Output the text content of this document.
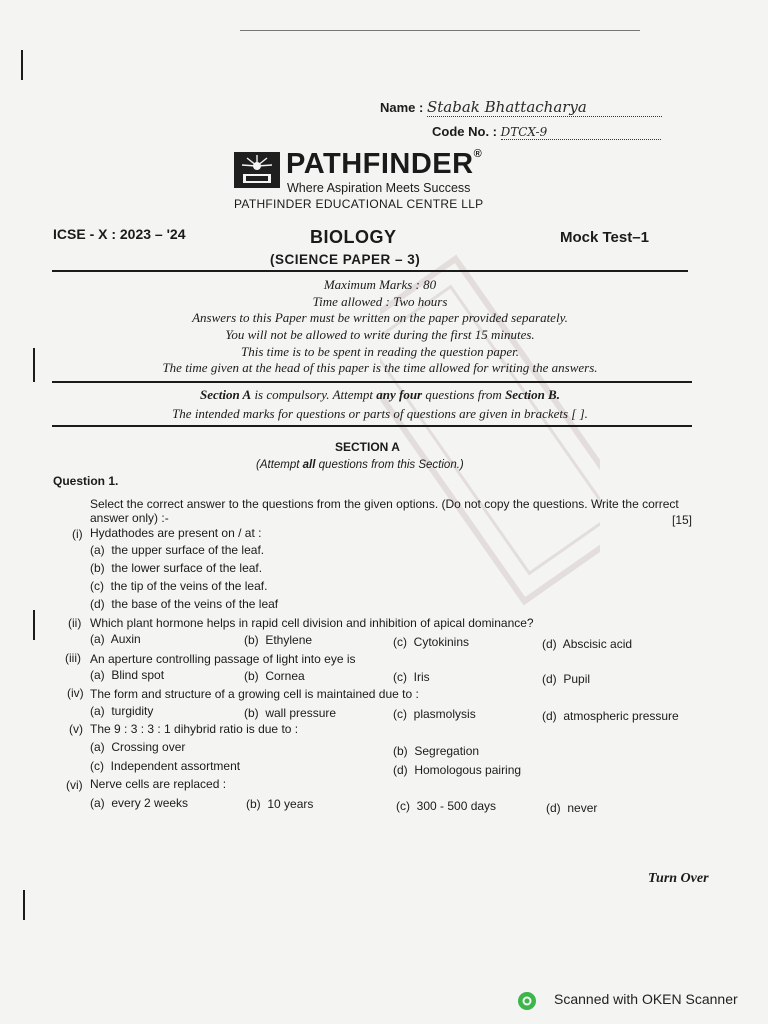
Name : Stabak Bhattacharya
Code No. : DTCX-9
PATHFINDER®
Where Aspiration Meets Success
PATHFINDER EDUCATIONAL CENTRE LLP
ICSE - X : 2023 – '24	BIOLOGY	Mock Test–1
(SCIENCE PAPER – 3)
Maximum Marks : 80
Time allowed : Two hours
Answers to this Paper must be written on the paper provided separately.
You will not be allowed to write during the first 15 minutes.
This time is to be spent in reading the question paper.
The time given at the head of this paper is the time allowed for writing the answers.
Section A is compulsory. Attempt any four questions from Section B.
The intended marks for questions or parts of questions are given in brackets [ ].
SECTION A
(Attempt all questions from this Section.)
Question 1.
Select the correct answer to the questions from the given options. (Do not copy the questions. Write the correct answer only) :-	[15]
(i) Hydathodes are present on / at :
(a) the upper surface of the leaf.
(b) the lower surface of the leaf.
(c) the tip of the veins of the leaf.
(d) the base of the veins of the leaf
(ii) Which plant hormone helps in rapid cell division and inhibition of apical dominance?
(a) Auxin	(b) Ethylene	(c) Cytokinins	(d) Abscisic acid
(iii) An aperture controlling passage of light into eye is
(a) Blind spot	(b) Cornea	(c) Iris	(d) Pupil
(iv) The form and structure of a growing cell is maintained due to :
(a) turgidity	(b) wall pressure	(c) plasmolysis	(d) atmospheric pressure
(v) The 9 : 3 : 3 : 1 dihybrid ratio is due to :
(a) Crossing over	(b) Segregation
(c) Independent assortment	(d) Homologous pairing
(vi) Nerve cells are replaced :
(a) every 2 weeks	(b) 10 years	(c) 300 - 500 days	(d) never
Turn Over
Scanned with OKEN Scanner
